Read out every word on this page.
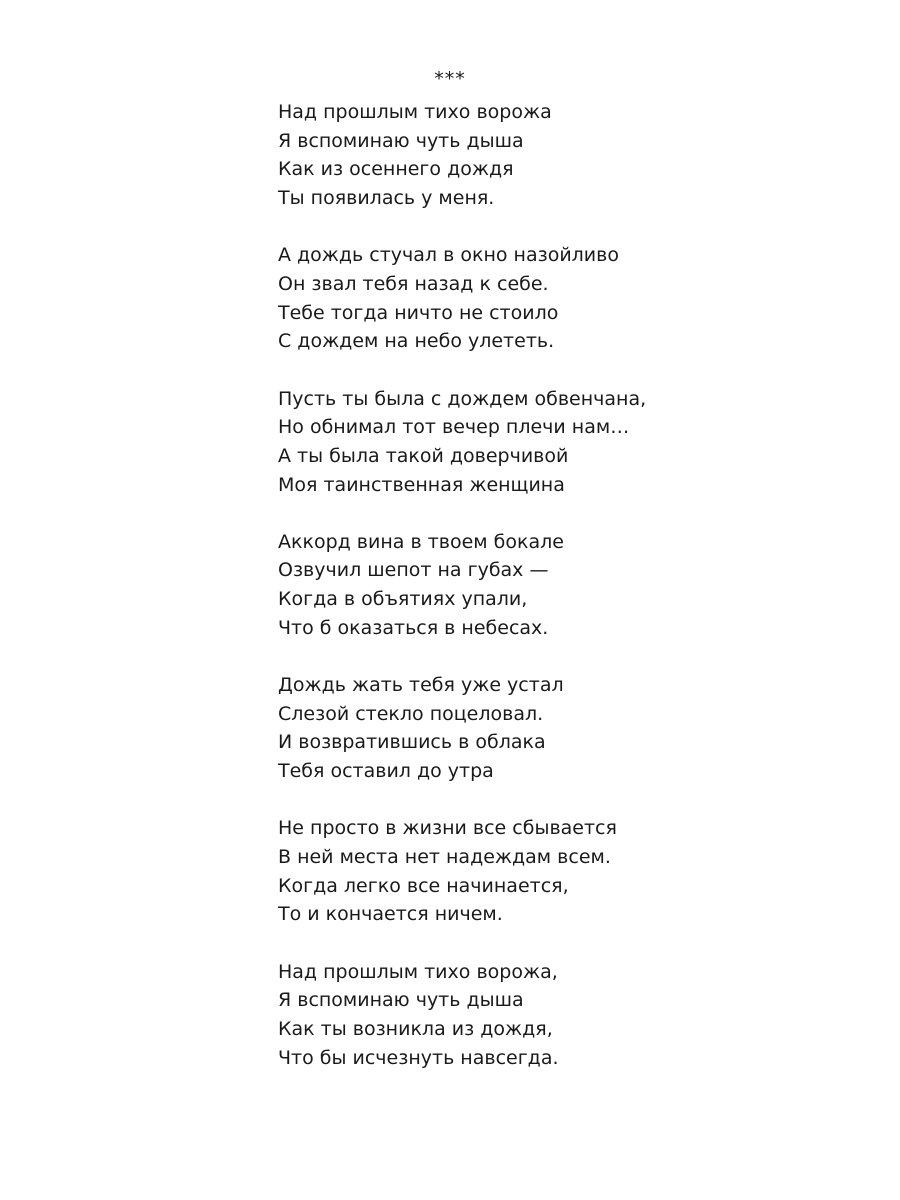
***
Над прошлым тихо ворожа
Я вспоминаю чуть дыша
Как из осеннего дождя
Ты появилась у меня.
А дождь стучал в окно назойливо
Он звал тебя назад к себе.
Тебе тогда ничто не стоило
С дождем на небо улететь.
Пусть ты была с дождем обвенчана,
Но обнимал тот вечер плечи нам…
А ты была такой доверчивой
Моя таинственная женщина
Аккорд вина в твоем бокале
Озвучил шепот на губах —
Когда в объятиях упали,
Что б оказаться в небесах.
Дождь жать тебя уже устал
Слезой стекло поцеловал.
И возвратившись в облака
Тебя оставил до утра
Не просто в жизни все сбывается
В ней места нет надеждам всем.
Когда легко все начинается,
То и кончается ничем.
Над прошлым тихо ворожа,
Я вспоминаю чуть дыша
Как ты возникла из дождя,
Что бы исчезнуть навсегда.
